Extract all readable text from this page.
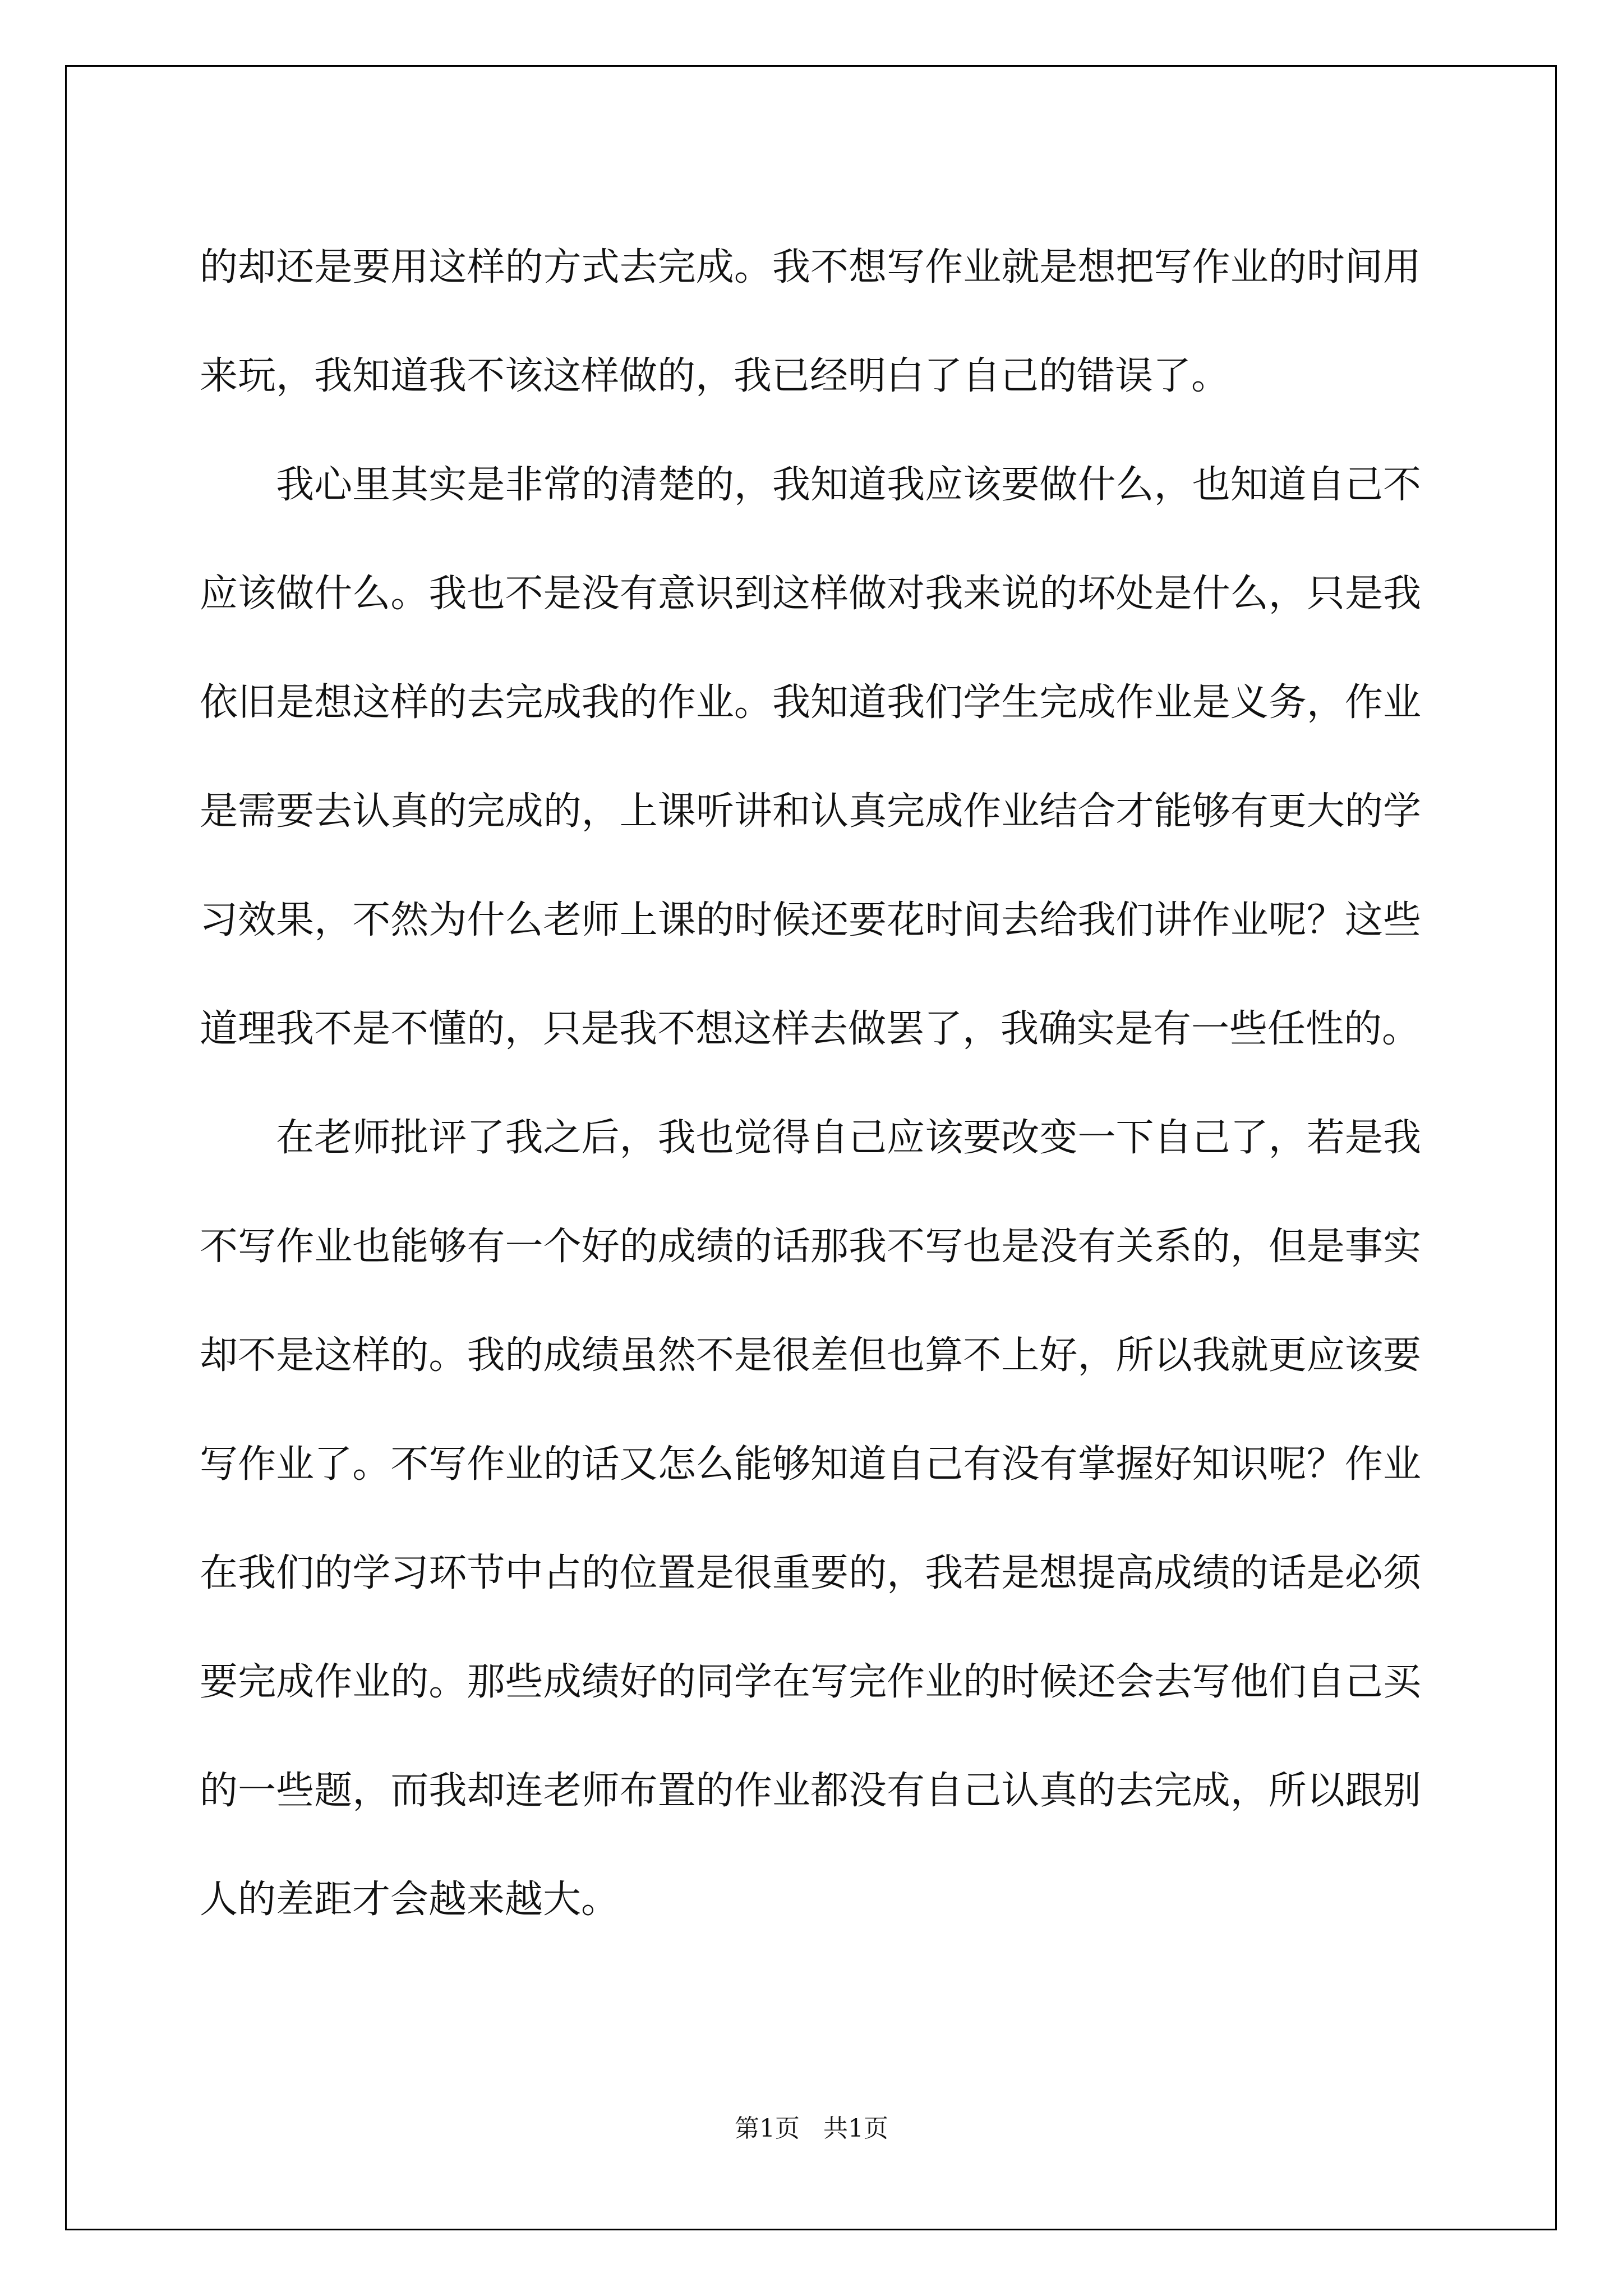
的却还是要用这样的方式去完成。我不想写作业就是想把写作业的时间用来玩，我知道我不该这样做的，我已经明白了自己的错误了。

我心里其实是非常的清楚的，我知道我应该要做什么，也知道自己不应该做什么。我也不是没有意识到这样做对我来说的坏处是什么，只是我依旧是想这样的去完成我的作业。我知道我们学生完成作业是义务，作业是需要去认真的完成的，上课听讲和认真完成作业结合才能够有更大的学习效果，不然为什么老师上课的时候还要花时间去给我们讲作业呢？这些道理我不是不懂的，只是我不想这样去做罢了，我确实是有一些任性的。

在老师批评了我之后，我也觉得自己应该要改变一下自己了，若是我不写作业也能够有一个好的成绩的话那我不写也是没有关系的，但是事实却不是这样的。我的成绩虽然不是很差但也算不上好，所以我就更应该要写作业了。不写作业的话又怎么能够知道自己有没有掌握好知识呢？作业在我们的学习环节中占的位置是很重要的，我若是想提高成绩的话是必须要完成作业的。那些成绩好的同学在写完作业的时候还会去写他们自己买的一些题，而我却连老师布置的作业都没有自己认真的去完成，所以跟别人的差距才会越来越大。

第1页 共1页
